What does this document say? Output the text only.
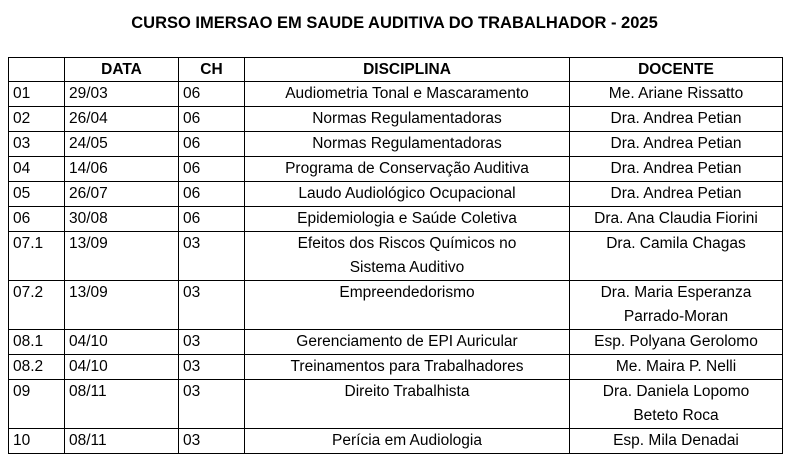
CURSO IMERSAO EM SAUDE AUDITIVA DO TRABALHADOR - 2025
	DATA	CH	DISCIPLINA	DOCENTE
01	29/03	06	Audiometria Tonal e Mascaramento	Me. Ariane Rissatto

02	26/04	06	Normas Regulamentadoras	Dra. Andrea Petian

03	24/05	06	Normas Regulamentadoras	Dra. Andrea Petian

04	14/06	06	Programa de Conservação Auditiva	Dra. Andrea Petian

05	26/07	06	Laudo Audiológico Ocupacional	Dra. Andrea Petian

06	30/08	06	Epidemiologia e Saúde Coletiva	Dra. Ana Claudia Fiorini

07.1	13/09	03	Efeitos dos Riscos Químicos no
Sistema Auditivo	Dra. Camila Chagas

07.2	13/09	03	Empreendedorismo	Dra. Maria Esperanza
Parrado-Moran

08.1	04/10	03	Gerenciamento de EPI Auricular	Esp. Polyana Gerolomo

08.2	04/10	03	Treinamentos para Trabalhadores	Me. Maira P. Nelli

09	08/11	03	Direito Trabalhista	Dra. Daniela Lopomo
Beteto Roca

10	08/11	03	Perícia em Audiologia	Esp. Mila Denadai
